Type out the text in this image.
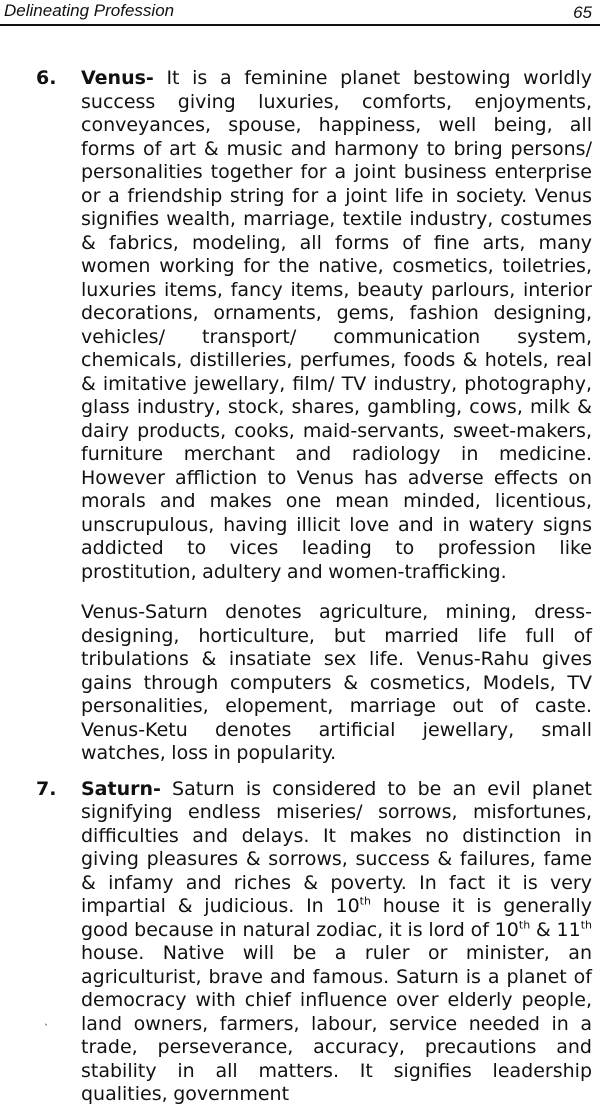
Delineating Profession	65
6. Venus- It is a feminine planet bestowing worldly success giving luxuries, comforts, enjoyments, conveyances, spouse, happiness, well being, all forms of art & music and harmony to bring persons/ personalities together for a joint business enterprise or a friendship string for a joint life in society. Venus signifies wealth, marriage, textile industry, costumes & fabrics, modeling, all forms of fine arts, many women working for the native, cosmetics, toiletries, luxuries items, fancy items, beauty parlours, interior decorations, ornaments, gems, fashion designing, vehicles/ transport/ communication system, chemicals, distilleries, perfumes, foods & hotels, real & imitative jewellary, film/ TV industry, photography, glass industry, stock, shares, gambling, cows, milk & dairy products, cooks, maid-servants, sweet-makers, furniture merchant and radiology in medicine. However affliction to Venus has adverse effects on morals and makes one mean minded, licentious, unscrupulous, having illicit love and in watery signs addicted to vices leading to profession like prostitution, adultery and women-trafficking.

Venus-Saturn denotes agriculture, mining, dress-designing, horticulture, but married life full of tribulations & insatiate sex life. Venus-Rahu gives gains through computers & cosmetics, Models, TV personalities, elopement, marriage out of caste. Venus-Ketu denotes artificial jewellary, small watches, loss in popularity.

7. Saturn- Saturn is considered to be an evil planet signifying endless miseries/ sorrows, misfortunes, difficulties and delays. It makes no distinction in giving pleasures & sorrows, success & failures, fame & infamy and riches & poverty. In fact it is very impartial & judicious. In 10th house it is generally good because in natural zodiac, it is lord of 10th & 11th house. Native will be a ruler or minister, an agriculturist, brave and famous. Saturn is a planet of democracy with chief influence over elderly people, land owners, farmers, labour, service needed in a trade, perseverance, accuracy, precautions and stability in all matters. It signifies leadership qualities, government

ˎ
